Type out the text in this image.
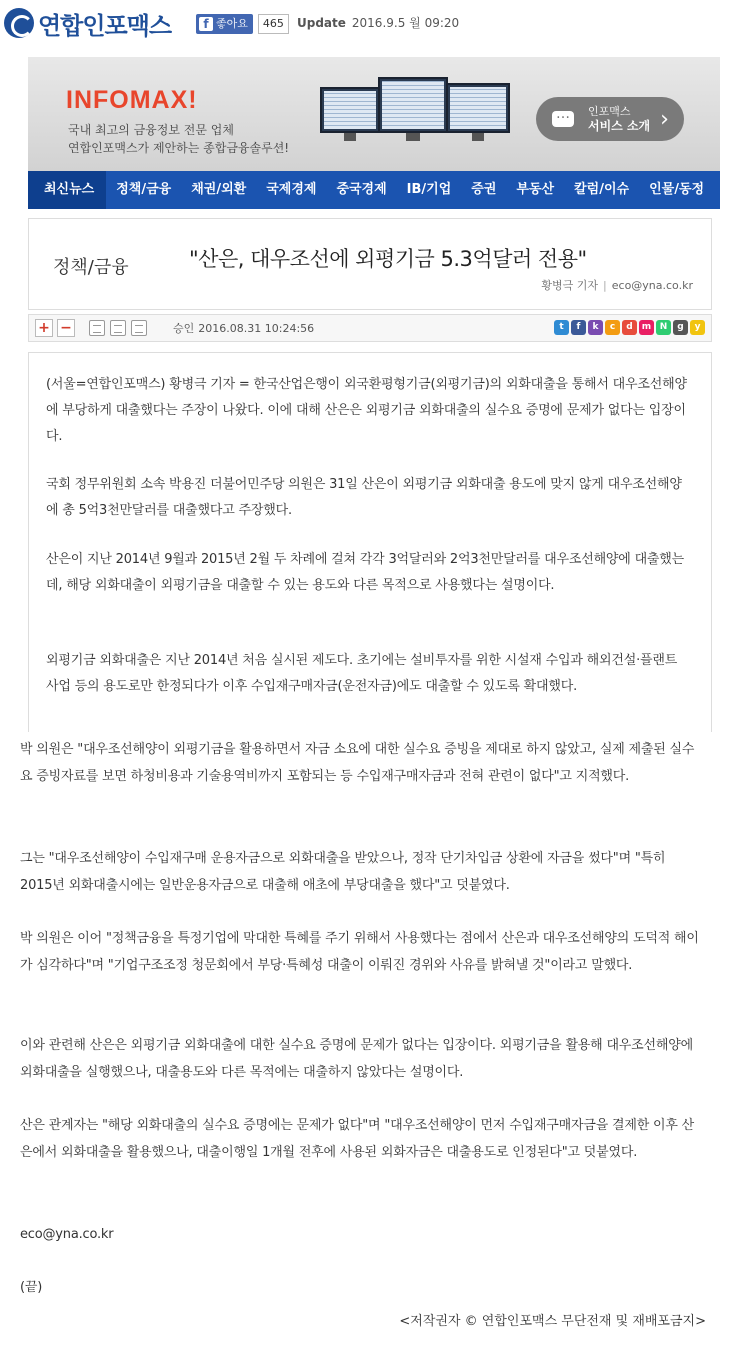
연합인포맥스	f 좋아요	465	Update 2016.9.5 월 09:20
INFOMAX!
국내 최고의 금융정보 전문 업체
연합인포맥스가 제안하는 종합금융솔루션!
…
인포맥스
서비스 소개 ›
최신뉴스	정책/금융	채권/외환	국제경제	중국경제	IB/기업	증권	부동산	칼럼/이슈	인물/동정	TV
정책/금융	"산은, 대우조선에 외평기금 5.3억달러 전용"
황병극 기자 | eco@yna.co.kr
+ −	승인 2016.08.31 10:24:56	t	f	k	c	d	m N	g	y

(서울=연합인포맥스) 황병극 기자 = 한국산업은행이 외국환평형기금(외평기금)의 외화대출을 통해서 대우조선해양에 부당하게 대출했다는 주장이 나왔다. 이에 대해 산은은 외평기금 외화대출의 실수요 증명에 문제가 없다는 입장이다.

국회 정무위원회 소속 박용진 더불어민주당 의원은 31일 산은이 외평기금 외화대출 용도에 맞지 않게 대우조선해양에 총 5억3천만달러를 대출했다고 주장했다.

산은이 지난 2014년 9월과 2015년 2월 두 차례에 걸쳐 각각 3억달러와 2억3천만달러를 대우조선해양에 대출했는데, 해당 외화대출이 외평기금을 대출할 수 있는 용도와 다른 목적으로 사용했다는 설명이다.

외평기금 외화대출은 지난 2014년 처음 실시된 제도다. 초기에는 설비투자를 위한 시설재 수입과 해외건설·플랜트 사업 등의 용도로만 한정되다가 이후 수입재구매자금(운전자금)에도 대출할 수 있도록 확대했다.

박 의원은 "대우조선해양이 외평기금을 활용하면서 자금 소요에 대한 실수요 증빙을 제대로 하지 않았고, 실제 제출된 실수요 증빙자료를 보면 하청비용과 기술용역비까지 포함되는 등 수입재구매자금과 전혀 관련이 없다"고 지적했다.

그는 "대우조선해양이 수입재구매 운용자금으로 외화대출을 받았으나, 정작 단기차입금 상환에 자금을 썼다"며 "특히 2015년 외화대출시에는 일반운용자금으로 대출해 애초에 부당대출을 했다"고 덧붙였다.

박 의원은 이어 "정책금융을 특정기업에 막대한 특혜를 주기 위해서 사용했다는 점에서 산은과 대우조선해양의 도덕적 해이가 심각하다"며 "기업구조조정 청문회에서 부당·특혜성 대출이 이뤄진 경위와 사유를 밝혀낼 것"이라고 말했다.

이와 관련해 산은은 외평기금 외화대출에 대한 실수요 증명에 문제가 없다는 입장이다. 외평기금을 활용해 대우조선해양에 외화대출을 실행했으나, 대출용도와 다른 목적에는 대출하지 않았다는 설명이다.

산은 관계자는 "해당 외화대출의 실수요 증명에는 문제가 없다"며 "대우조선해양이 먼저 수입재구매자금을 결제한 이후 산은에서 외화대출을 활용했으나, 대출이행일 1개월 전후에 사용된 외화자금은 대출용도로 인정된다"고 덧붙였다.

eco@yna.co.kr

(끝)

<저작권자 © 연합인포맥스 무단전재 및 재배포금지>
